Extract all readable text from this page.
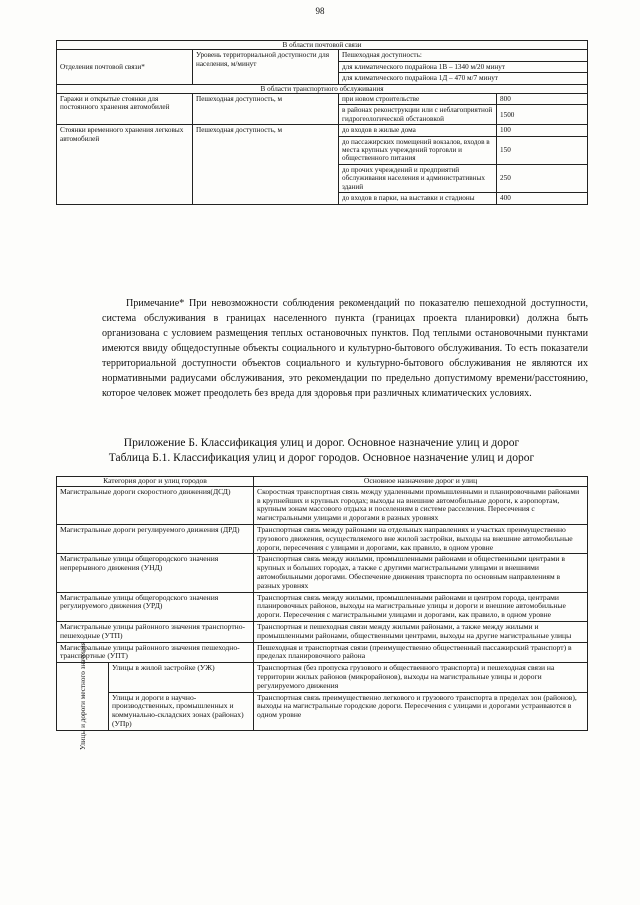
98
В области почтовой связи			
Отделения почтовой связи*	Уровень территориальной доступности для населения, м/минут	Пешеходная доступность:	
		для климатического подрайона 1В – 1340 м/20 минут	
		для климатического подрайона 1Д – 470 м/7 минут	
В области транспортного обслуживания			
Гаражи и открытые стоянки для постоянного хранения автомобилей	Пешеходная доступность, м	при новом строительстве	800
		в районах реконструкции или с неблагоприятной гидрогеологической обстановкой	1500
Стоянки временного хранения легковых автомобилей	Пешеходная доступность, м	до входов в жилые дома	100
		до пассажирских помещений вокзалов, входов в места крупных учреждений торговли и общественного питания	150
		до прочих учреждений и предприятий обслуживания населения и административных зданий	250
		до входов в парки, на выставки и стадионы	400

Примечание* При невозможности соблюдения рекомендаций по показателю пешеходной доступности, система обслуживания в границах населенного пункта (границах проекта планировки) должна быть организована с условием размещения теплых остановочных пунктов. Под теплыми остановочными пунктами имеются ввиду общедоступные объекты социального и культурно-бытового обслуживания. То есть показатели территориальной доступности объектов социального и культурно-бытового обслуживания не являются их нормативными радиусами обслуживания, это рекомендации по предельно допустимому времени/расстоянию, которое человек может преодолеть без вреда для здоровья при различных климатических условиях.

Приложение Б. Классификация улиц и дорог. Основное назначение улиц и дорог
Таблица Б.1. Классификация улиц и дорог городов. Основное назначение улиц и дорог
Категория дорог и улиц городов		Основное назначение дорог и улиц
Магистральные дороги скоростного движения(ДСД)		Скоростная транспортная связь между удаленными промышленными и планировочными районами в крупнейших и крупных городах; выходы на внешние автомобильные дороги, к аэропортам, крупным зонам массового отдыха и поселениям в системе расселения. Пересечения с магистральными улицами и дорогами в разных уровнях
Магистральные дороги регулируемого движения (ДРД)		Транспортная связь между районами на отдельных направлениях и участках преимущественно грузового движения, осуществляемого вне жилой застройки, выходы на внешние автомобильные дороги, пересечения с улицами и дорогами, как правило, в одном уровне
Магистральные улицы общегородского значения непрерывного движения (УНД)		Транспортная связь между жилыми, промышленными районами и общественными центрами в крупных и больших городах, а также с другими магистральными улицами и внешними автомобильными дорогами. Обеспечение движения транспорта по основным направлениям в разных уровнях
Магистральные улицы общегородского значения регулируемого движения (УРД)		Транспортная связь между жилыми, промышленными районами и центром города, центрами планировочных районов, выходы на магистральные улицы и дороги и внешние автомобильные дороги. Пересечения с магистральными улицами и дорогами, как правило, в одном уровне
Магистральные улицы районного значения транспортно-пешеходные (УТП)		Транспортная и пешеходная связи между жилыми районами, а также между жилыми и промышленными районами, общественными центрами, выходы на другие магистральные улицы
Магистральные улицы районного значения пешеходно-транспортные (УПТ)		Пешеходная и транспортная связи (преимущественно общественный пассажирский транспорт) в пределах планировочного района

Улицы и дороги местного значения	Улицы в жилой застройке (УЖ)	Транспортная (без пропуска грузового и общественного транспорта) и пешеходная связи на территории жилых районов (микрорайонов), выходы на магистральные улицы и дороги регулируемого движения
	Улицы и дороги в научно-производственных, промышленных и коммунально-складских зонах (районах) (УПр)	Транспортная связь преимущественно легкового и грузового транспорта в пределах зон (районов), выходы на магистральные городские дороги. Пересечения с улицами и дорогами устраиваются в одном уровне
